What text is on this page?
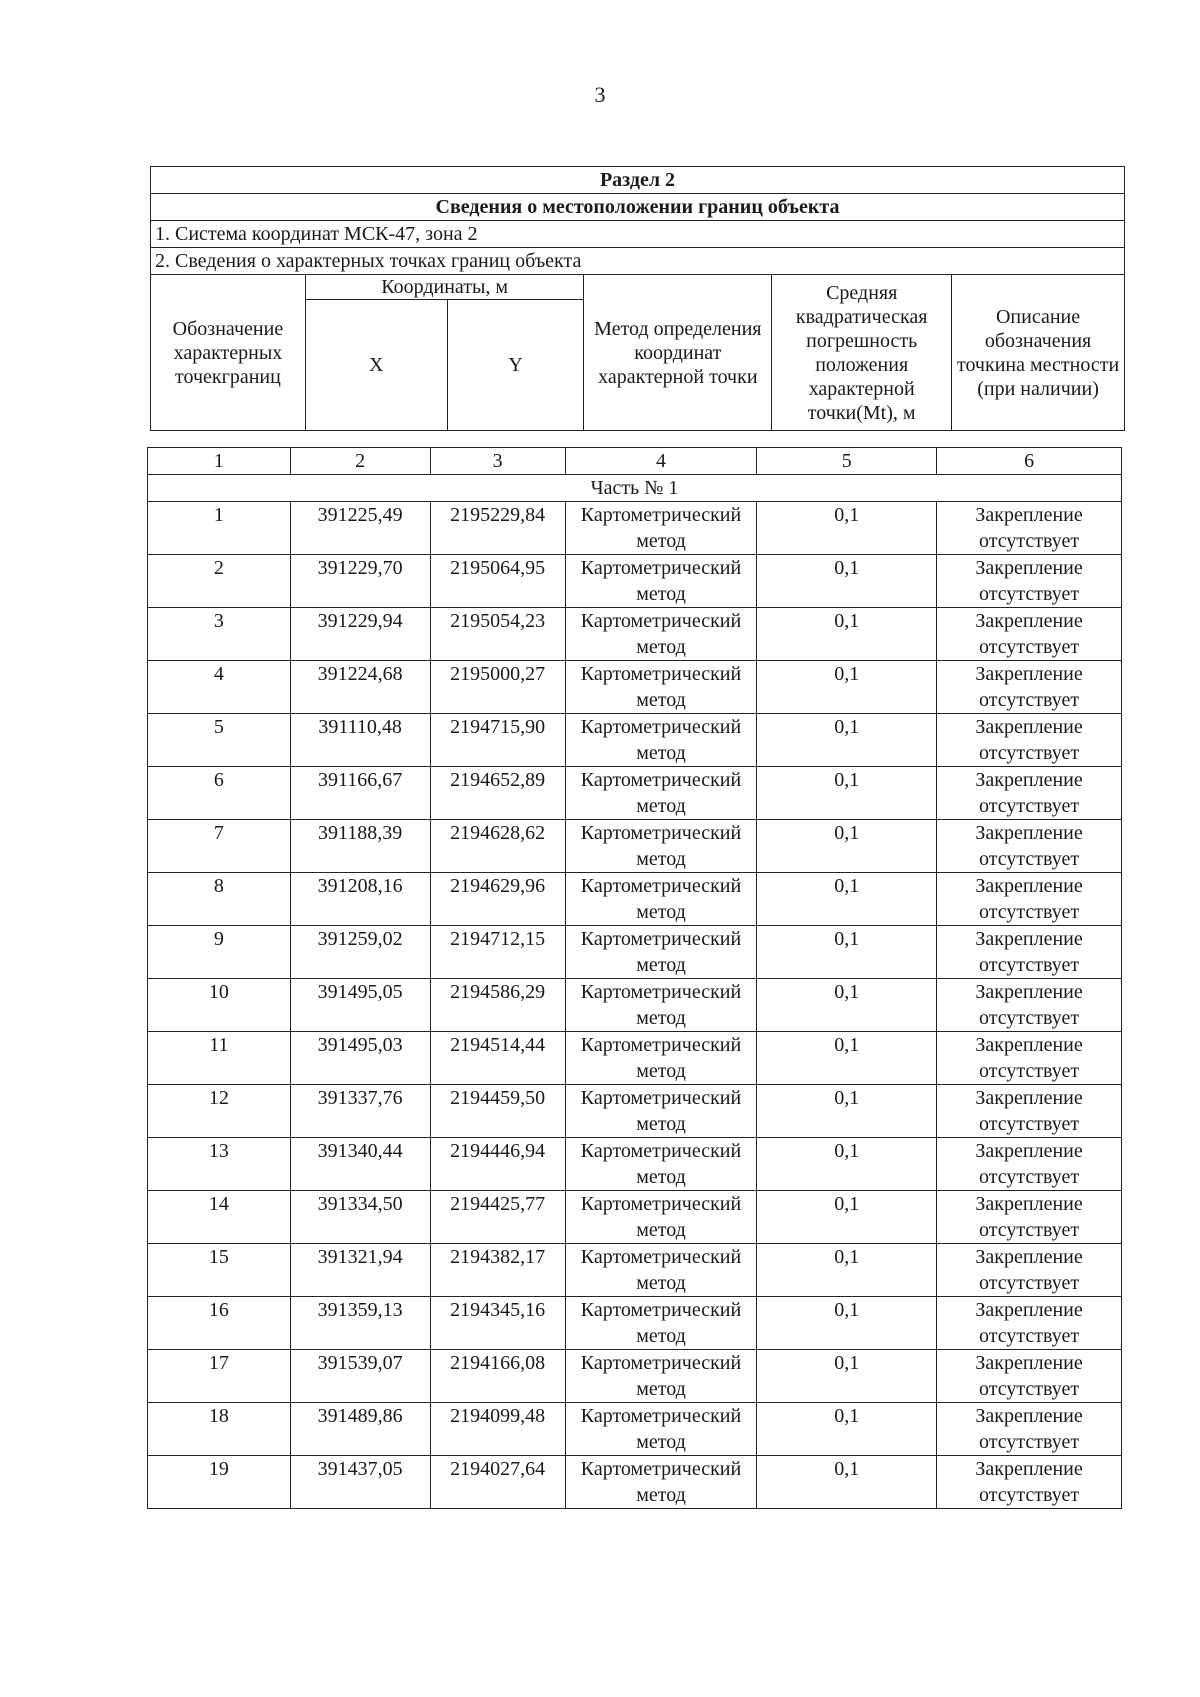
3
Раздел 2					
Сведения о местоположении границ объекта					
1. Система координат МСК-47, зона 2					
2. Сведения о характерных точках границ объекта					
Обозначение характерных точекграниц	Координаты, м		Метод определения координат характерной точки	Средняя квадратическая погрешность положения характерной точки(Mt), м	Описание обозначения точкина местности (при наличии)
	X	Y			
1	2	3	4	5	6
Часть № 1					
1	391225,49	2195229,84	Картометрический метод	0,1	Закрепление отсутствует
2	391229,70	2195064,95	Картометрический метод	0,1	Закрепление отсутствует
3	391229,94	2195054,23	Картометрический метод	0,1	Закрепление отсутствует
4	391224,68	2195000,27	Картометрический метод	0,1	Закрепление отсутствует
5	391110,48	2194715,90	Картометрический метод	0,1	Закрепление отсутствует
6	391166,67	2194652,89	Картометрический метод	0,1	Закрепление отсутствует
7	391188,39	2194628,62	Картометрический метод	0,1	Закрепление отсутствует
8	391208,16	2194629,96	Картометрический метод	0,1	Закрепление отсутствует
9	391259,02	2194712,15	Картометрический метод	0,1	Закрепление отсутствует
10	391495,05	2194586,29	Картометрический метод	0,1	Закрепление отсутствует
11	391495,03	2194514,44	Картометрический метод	0,1	Закрепление отсутствует
12	391337,76	2194459,50	Картометрический метод	0,1	Закрепление отсутствует
13	391340,44	2194446,94	Картометрический метод	0,1	Закрепление отсутствует
14	391334,50	2194425,77	Картометрический метод	0,1	Закрепление отсутствует
15	391321,94	2194382,17	Картометрический метод	0,1	Закрепление отсутствует
16	391359,13	2194345,16	Картометрический метод	0,1	Закрепление отсутствует
17	391539,07	2194166,08	Картометрический метод	0,1	Закрепление отсутствует
18	391489,86	2194099,48	Картометрический метод	0,1	Закрепление отсутствует
19	391437,05	2194027,64	Картометрический метод	0,1	Закрепление отсутствует
